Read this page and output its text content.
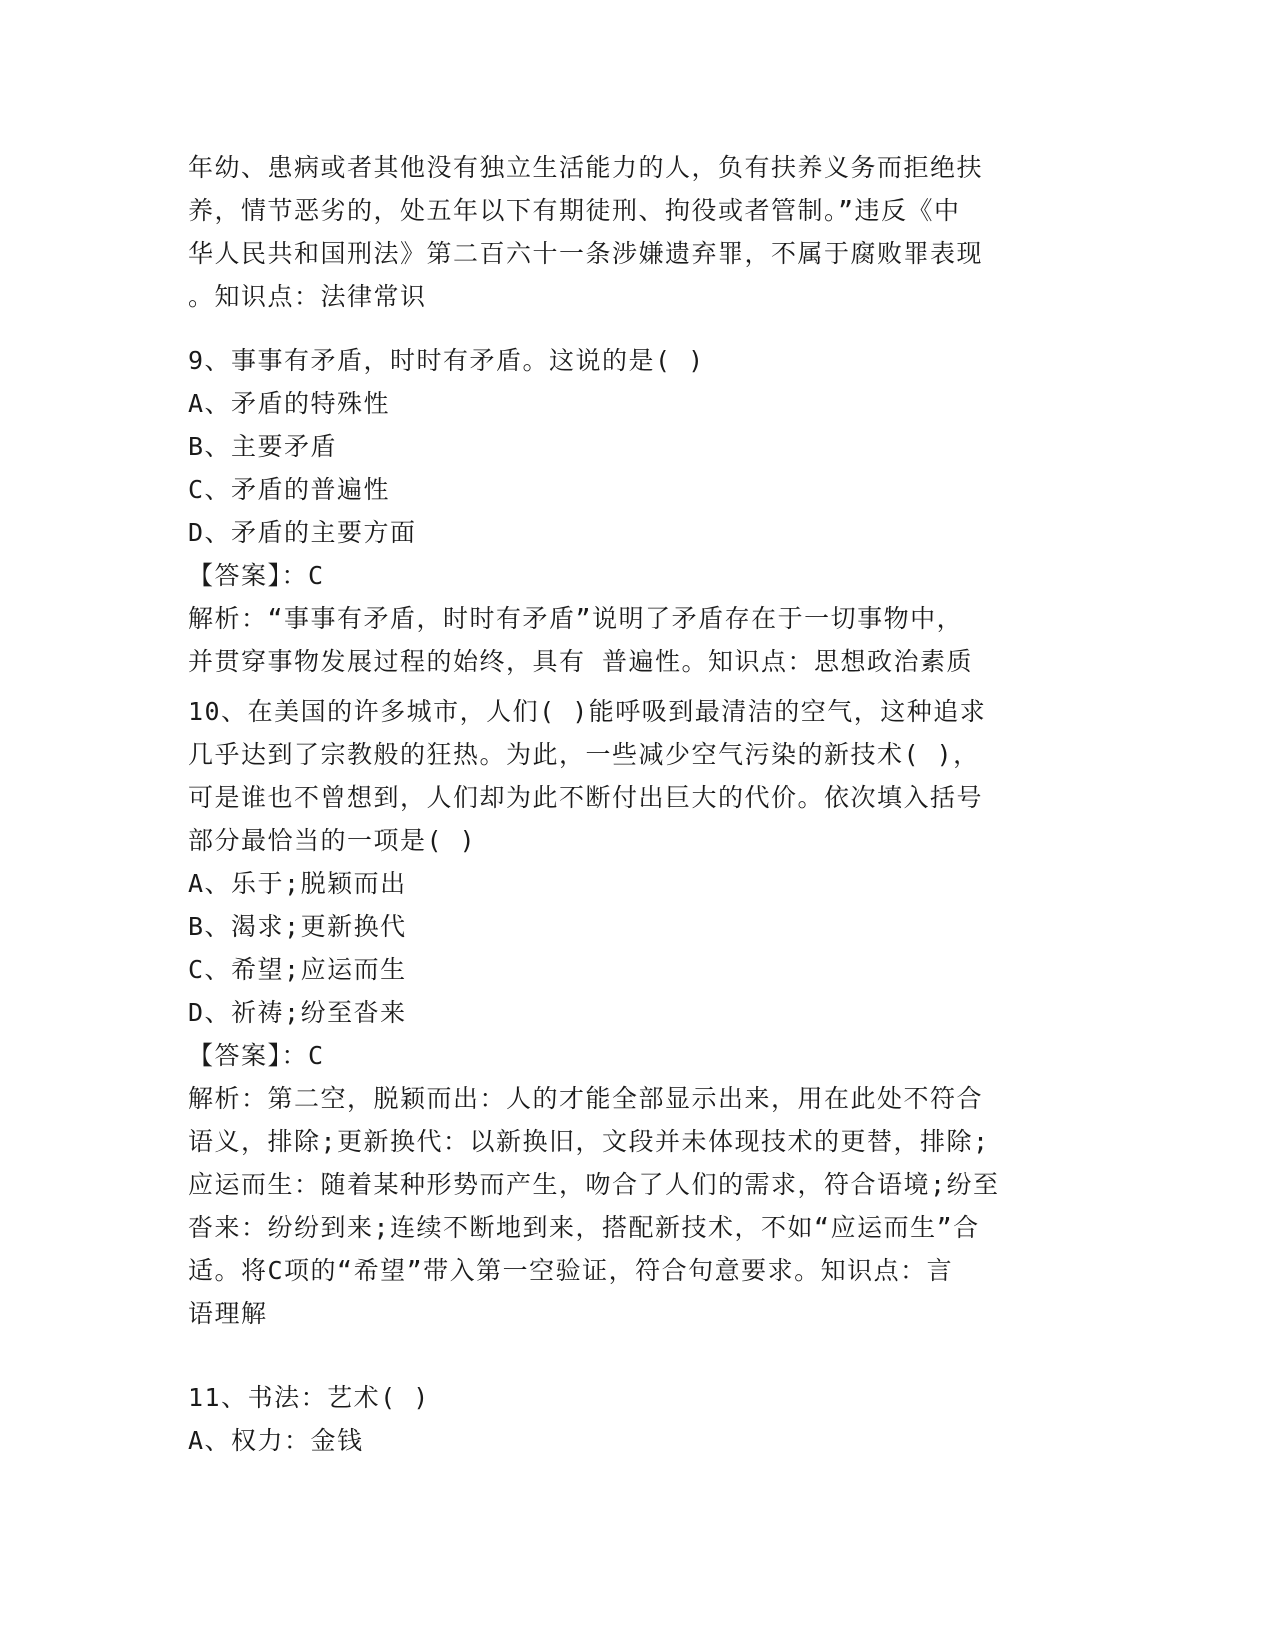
年幼、患病或者其他没有独立生活能力的人，负有扶养义务而拒绝扶
养，情节恶劣的，处五年以下有期徒刑、拘役或者管制。”违反《中
华人民共和国刑法》第二百六十一条涉嫌遗弃罪，不属于腐败罪表现
。知识点：法律常识
9、事事有矛盾，时时有矛盾。这说的是( )
A、矛盾的特殊性
B、主要矛盾
C、矛盾的普遍性
D、矛盾的主要方面
【答案】：C
解析：“事事有矛盾，时时有矛盾”说明了矛盾存在于一切事物中，
并贯穿事物发展过程的始终，具有 普遍性。知识点：思想政治素质
10、在美国的许多城市，人们( )能呼吸到最清洁的空气，这种追求
几乎达到了宗教般的狂热。为此，一些减少空气污染的新技术( )，
可是谁也不曾想到，人们却为此不断付出巨大的代价。依次填入括号
部分最恰当的一项是( )
A、乐于;脱颖而出
B、渴求;更新换代
C、希望;应运而生
D、祈祷;纷至沓来
【答案】：C
解析：第二空，脱颖而出：人的才能全部显示出来，用在此处不符合
语义，排除;更新换代：以新换旧，文段并未体现技术的更替，排除;
应运而生：随着某种形势而产生，吻合了人们的需求，符合语境;纷至
沓来：纷纷到来;连续不断地到来，搭配新技术，不如“应运而生”合
适。将C项的“希望”带入第一空验证，符合句意要求。知识点：言
语理解
11、书法：艺术( )
A、权力：金钱
